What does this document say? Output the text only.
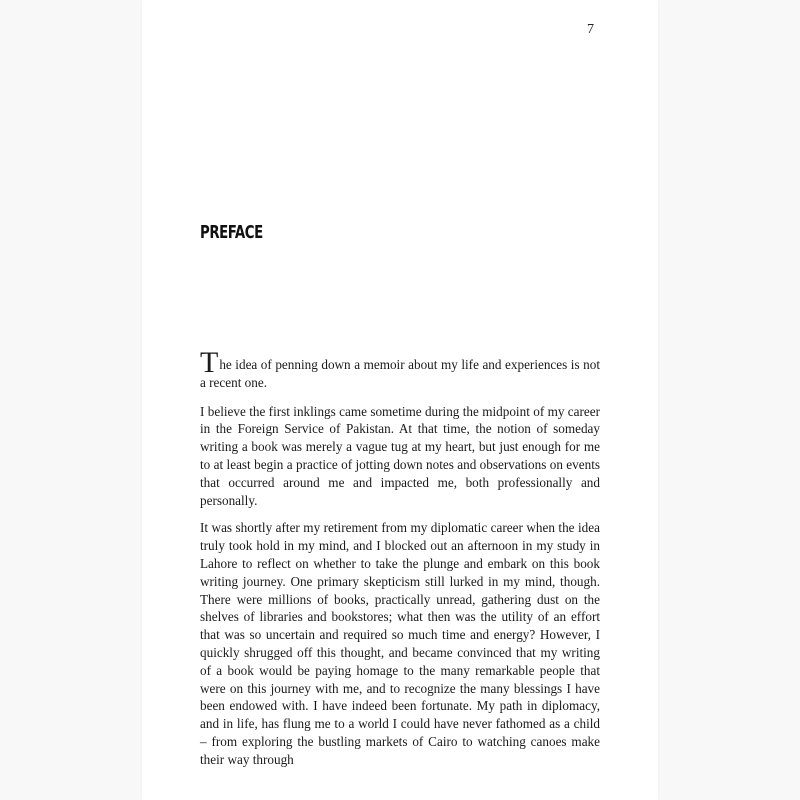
7
PREFACE

The idea of penning down a memoir about my life and experiences is not a recent one.

I believe the first inklings came sometime during the midpoint of my career in the Foreign Service of Pakistan. At that time, the notion of someday writing a book was merely a vague tug at my heart, but just enough for me to at least begin a practice of jotting down notes and observations on events that occurred around me and impacted me, both professionally and personally.

It was shortly after my retirement from my diplomatic career when the idea truly took hold in my mind, and I blocked out an afternoon in my study in Lahore to reflect on whether to take the plunge and embark on this book writing journey. One primary skepticism still lurked in my mind, though. There were millions of books, practically unread, gathering dust on the shelves of libraries and bookstores; what then was the utility of an effort that was so uncertain and required so much time and energy? However, I quickly shrugged off this thought, and became convinced that my writing of a book would be paying homage to the many remarkable people that were on this journey with me, and to recognize the many blessings I have been endowed with. I have indeed been fortunate. My path in diplomacy, and in life, has flung me to a world I could have never fathomed as a child – from exploring the bustling markets of Cairo to watching canoes make their way through
